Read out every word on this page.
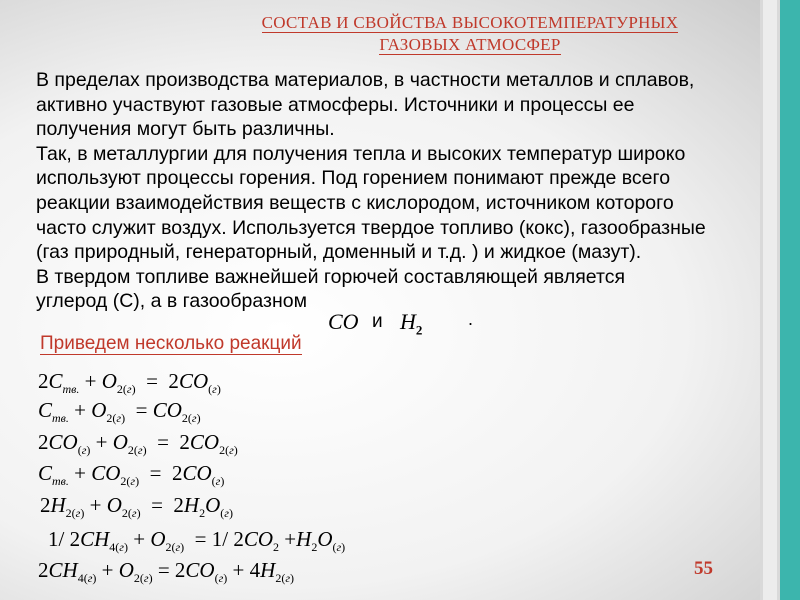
СОСТАВ И СВОЙСТВА ВЫСОКОТЕМПЕРАТУРНЫХ
ГАЗОВЫХ АТМОСФЕР
В пределах производства материалов, в частности металлов и сплавов,
активно участвуют газовые атмосферы. Источники и процессы ее
получения могут быть различны.
Так, в металлургии для получения тепла и высоких температур широко
используют процессы горения. Под горением понимают прежде всего
реакции взаимодействия веществ с кислородом, источником которого
часто служит воздух. Используется твердое топливо (кокс), газообразные
(газ природный, генераторный, доменный и т.д. ) и жидкое (мазут).
В твердом топливе важнейшей горючей составляющей является
углерод (С), а в газообразном
CO и $H_2$
.
Приведем несколько реакций
$2C_{тв.} + O_{2(г)} = 2CO_{(г)}$
$C_{тв.} + O_{2(г)} = CO_{2(г)}$
$2CO_{(г)} + O_{2(г)} = 2CO_{2(г)}$
$C_{тв.} + CO_{2(г)} = 2CO_{(г)}$
$2H_{2(г)} + O_{2(г)} = 2H_2O_{(г)}$
1/ $2CH_{4(г)} + O_{2(г)} = 1/$ $2CO_2 +H_2O_{(г)}$
$2CH_{4(г)} + O_{2(г)} = 2CO_{(г)} + 4H_{2(г)}$	55
